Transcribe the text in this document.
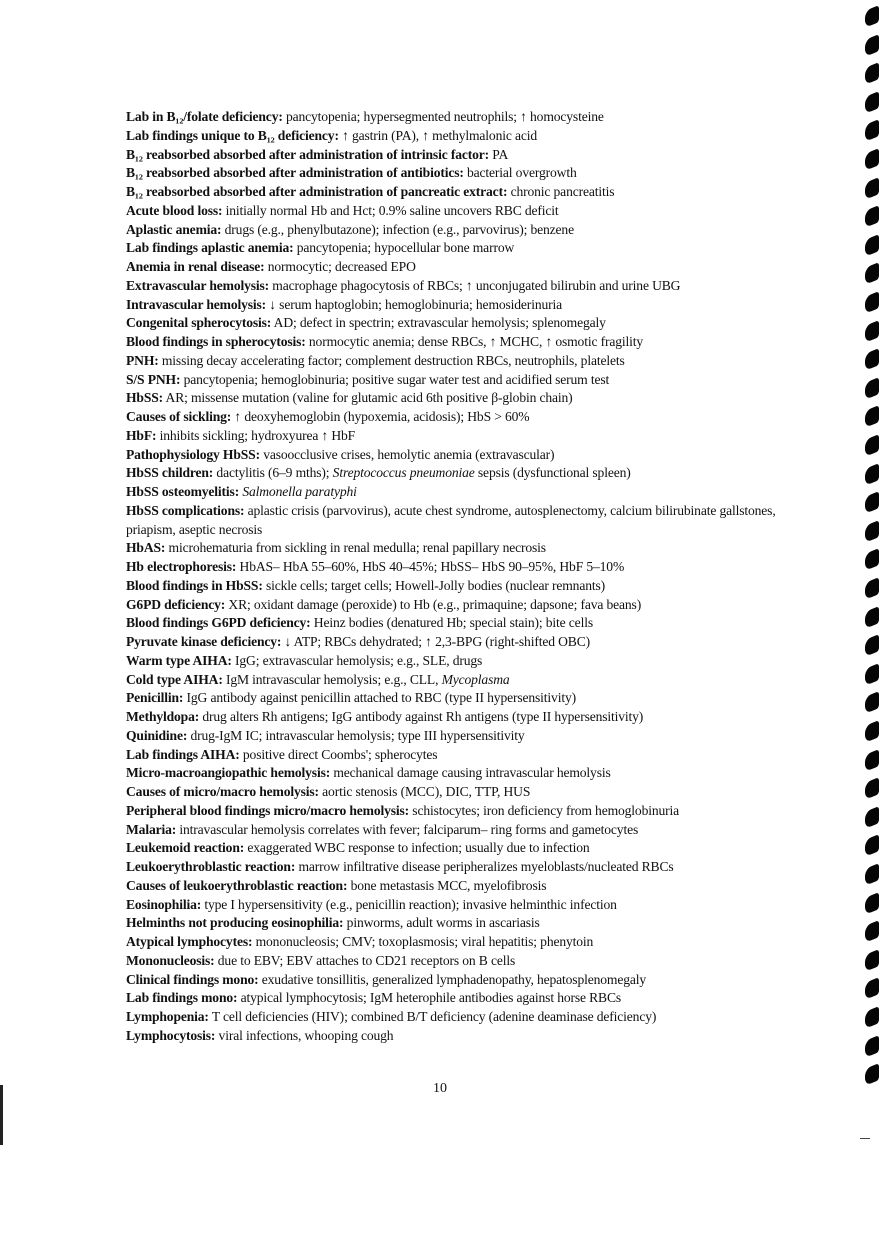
Lab in B₁₂/folate deficiency: pancytopenia; hypersegmented neutrophils; ↑ homocysteine
Lab findings unique to B₁₂ deficiency: ↑ gastrin (PA), ↑ methylmalonic acid
B₁₂ reabsorbed absorbed after administration of intrinsic factor: PA
B₁₂ reabsorbed absorbed after administration of antibiotics: bacterial overgrowth
B₁₂ reabsorbed absorbed after administration of pancreatic extract: chronic pancreatitis
Acute blood loss: initially normal Hb and Hct; 0.9% saline uncovers RBC deficit
Aplastic anemia: drugs (e.g., phenylbutazone); infection (e.g., parvovirus); benzene
Lab findings aplastic anemia: pancytopenia; hypocellular bone marrow
Anemia in renal disease: normocytic; decreased EPO
Extravascular hemolysis: macrophage phagocytosis of RBCs; ↑ unconjugated bilirubin and urine UBG
Intravascular hemolysis: ↓ serum haptoglobin; hemoglobinuria; hemosiderinuria
Congenital spherocytosis: AD; defect in spectrin; extravascular hemolysis; splenomegaly
Blood findings in spherocytosis: normocytic anemia; dense RBCs, ↑ MCHC, ↑ osmotic fragility
PNH: missing decay accelerating factor; complement destruction RBCs, neutrophils, platelets
S/S PNH: pancytopenia; hemoglobinuria; positive sugar water test and acidified serum test
HbSS: AR; missense mutation (valine for glutamic acid 6th positive β-globin chain)
Causes of sickling: ↑ deoxyhemoglobin (hypoxemia, acidosis); HbS > 60%
HbF: inhibits sickling; hydroxyurea ↑ HbF
Pathophysiology HbSS: vasoocclusive crises, hemolytic anemia (extravascular)
HbSS children: dactylitis (6–9 mths); Streptococcus pneumoniae sepsis (dysfunctional spleen)
HbSS osteomyelitis: Salmonella paratyphi
HbSS complications: aplastic crisis (parvovirus), acute chest syndrome, autosplenectomy, calcium bilirubinate gallstones, priapism, aseptic necrosis
HbAS: microhematuria from sickling in renal medulla; renal papillary necrosis
Hb electrophoresis: HbAS– HbA 55–60%, HbS 40–45%; HbSS– HbS 90–95%, HbF 5–10%
Blood findings in HbSS: sickle cells; target cells; Howell-Jolly bodies (nuclear remnants)
G6PD deficiency: XR; oxidant damage (peroxide) to Hb (e.g., primaquine; dapsone; fava beans)
Blood findings G6PD deficiency: Heinz bodies (denatured Hb; special stain); bite cells
Pyruvate kinase deficiency: ↓ ATP; RBCs dehydrated; ↑ 2,3-BPG (right-shifted OBC)
Warm type AIHA: IgG; extravascular hemolysis; e.g., SLE, drugs
Cold type AIHA: IgM intravascular hemolysis; e.g., CLL, Mycoplasma
Penicillin: IgG antibody against penicillin attached to RBC (type II hypersensitivity)
Methyldopa: drug alters Rh antigens; IgG antibody against Rh antigens (type II hypersensitivity)
Quinidine: drug-IgM IC; intravascular hemolysis; type III hypersensitivity
Lab findings AIHA: positive direct Coombs'; spherocytes
Micro-macroangiopathic hemolysis: mechanical damage causing intravascular hemolysis
Causes of micro/macro hemolysis: aortic stenosis (MCC), DIC, TTP, HUS
Peripheral blood findings micro/macro hemolysis: schistocytes; iron deficiency from hemoglobinuria
Malaria: intravascular hemolysis correlates with fever; falciparum– ring forms and gametocytes
Leukemoid reaction: exaggerated WBC response to infection; usually due to infection
Leukoerythroblastic reaction: marrow infiltrative disease peripheralizes myeloblasts/nucleated RBCs
Causes of leukoerythroblastic reaction: bone metastasis MCC, myelofibrosis
Eosinophilia: type I hypersensitivity (e.g., penicillin reaction); invasive helminthic infection
Helminths not producing eosinophilia: pinworms, adult worms in ascariasis
Atypical lymphocytes: mononucleosis; CMV; toxoplasmosis; viral hepatitis; phenytoin
Mononucleosis: due to EBV; EBV attaches to CD21 receptors on B cells
Clinical findings mono: exudative tonsillitis, generalized lymphadenopathy, hepatosplenomegaly
Lab findings mono: atypical lymphocytosis; IgM heterophile antibodies against horse RBCs
Lymphopenia: T cell deficiencies (HIV); combined B/T deficiency (adenine deaminase deficiency)
Lymphocytosis: viral infections, whooping cough
10
